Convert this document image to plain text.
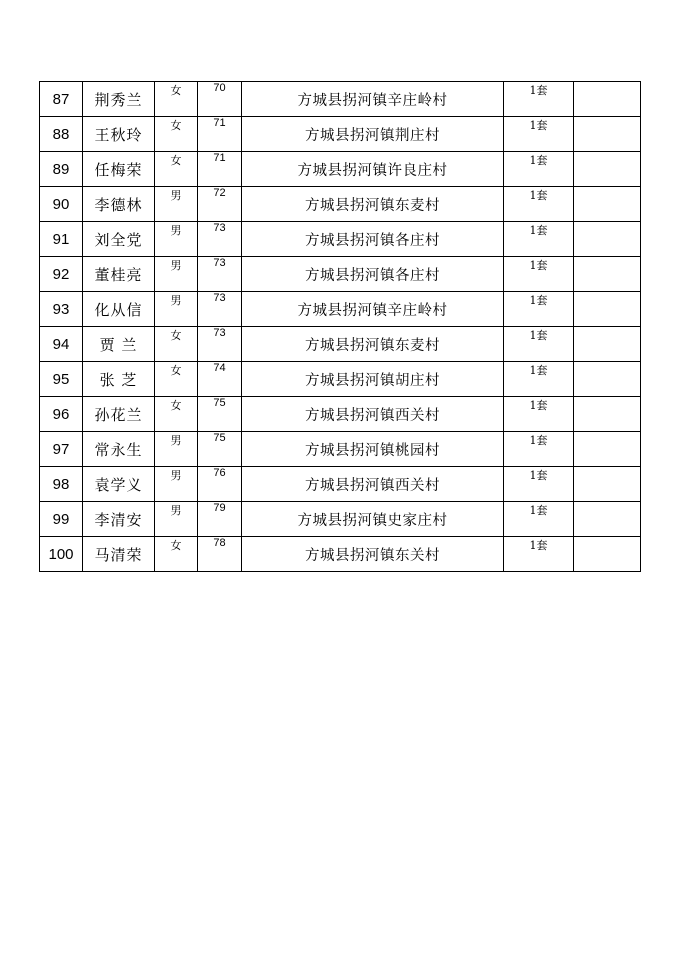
87	荆秀兰	女	70	方城县拐河镇辛庄岭村	1套	
88	王秋玲	女	71	方城县拐河镇荆庄村	1套	
89	任梅荣	女	71	方城县拐河镇许良庄村	1套	
90	李德林	男	72	方城县拐河镇东麦村	1套	
91	刘全党	男	73	方城县拐河镇各庄村	1套	
92	董桂亮	男	73	方城县拐河镇各庄村	1套	
93	化从信	男	73	方城县拐河镇辛庄岭村	1套	
94	贾 兰	女	73	方城县拐河镇东麦村	1套	
95	张 芝	女	74	方城县拐河镇胡庄村	1套	
96	孙花兰	女	75	方城县拐河镇西关村	1套	
97	常永生	男	75	方城县拐河镇桃园村	1套	
98	袁学义	男	76	方城县拐河镇西关村	1套	
99	李清安	男	79	方城县拐河镇史家庄村	1套	
100	马清荣	女	78	方城县拐河镇东关村	1套	
